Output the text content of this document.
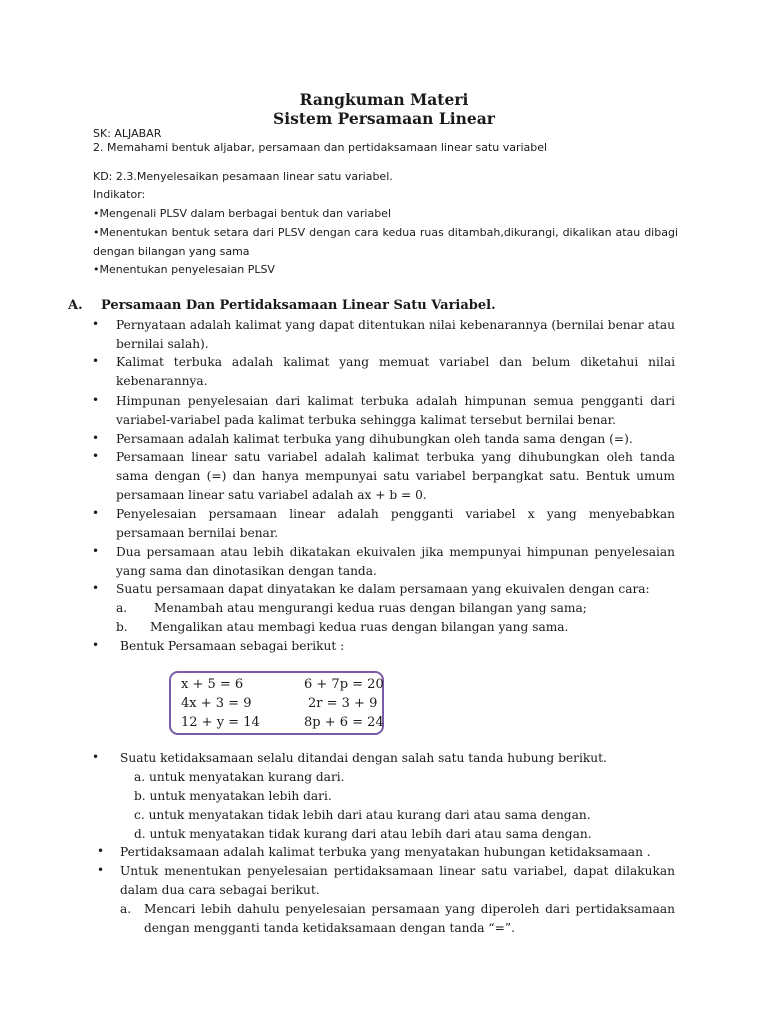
Rangkuman Materi
Sistem Persamaan Linear
SK: ALJABAR
2. Memahami bentuk aljabar, persamaan dan pertidaksamaan linear satu variabel
KD: 2.3.Menyelesaikan pesamaan linear satu variabel.
Indikator:
•Mengenali PLSV dalam berbagai bentuk dan variabel
•Menentukan bentuk setara dari PLSV dengan cara kedua ruas ditambah,dikurangi, dikalikan atau dibagi dengan bilangan yang sama
•Menentukan penyelesaian PLSV
A. Persamaan Dan Pertidaksamaan Linear Satu Variabel.
• Pernyataan adalah kalimat yang dapat ditentukan nilai kebenarannya (bernilai benar atau bernilai salah).
• Kalimat terbuka adalah kalimat yang memuat variabel dan belum diketahui nilai kebenarannya.
• Himpunan penyelesaian dari kalimat terbuka adalah himpunan semua pengganti dari variabel-variabel pada kalimat terbuka sehingga kalimat tersebut bernilai benar.
• Persamaan adalah kalimat terbuka yang dihubungkan oleh tanda sama dengan (=).
• Persamaan linear satu variabel adalah kalimat terbuka yang dihubungkan oleh tanda sama dengan (=) dan hanya mempunyai satu variabel berpangkat satu. Bentuk umum persamaan linear satu variabel adalah ax + b = 0.
• Penyelesaian persamaan linear adalah pengganti variabel x yang menyebabkan persamaan bernilai benar.
• Dua persamaan atau lebih dikatakan ekuivalen jika mempunyai himpunan penyelesaian yang sama dan dinotasikan dengan tanda.
• Suatu persamaan dapat dinyatakan ke dalam persamaan yang ekuivalen dengan cara:
a. Menambah atau mengurangi kedua ruas dengan bilangan yang sama;
b. Mengalikan atau membagi kedua ruas dengan bilangan yang sama.
• Bentuk Persamaan sebagai berikut :
x + 5 = 6
4x + 3 = 9
12 + y = 14
6 + 7p = 20
2r = 3 + 9
8p + 6 = 24
• Suatu ketidaksamaan selalu ditandai dengan salah satu tanda hubung berikut.
a. untuk menyatakan kurang dari.
b. untuk menyatakan lebih dari.
c. untuk menyatakan tidak lebih dari atau kurang dari atau sama dengan.
d. untuk menyatakan tidak kurang dari atau lebih dari atau sama dengan.
• Pertidaksamaan adalah kalimat terbuka yang menyatakan hubungan ketidaksamaan .
• Untuk menentukan penyelesaian pertidaksamaan linear satu variabel, dapat dilakukan dalam dua cara sebagai berikut.
a. Mencari lebih dahulu penyelesaian persamaan yang diperoleh dari pertidaksamaan dengan mengganti tanda ketidaksamaan dengan tanda “=”.
